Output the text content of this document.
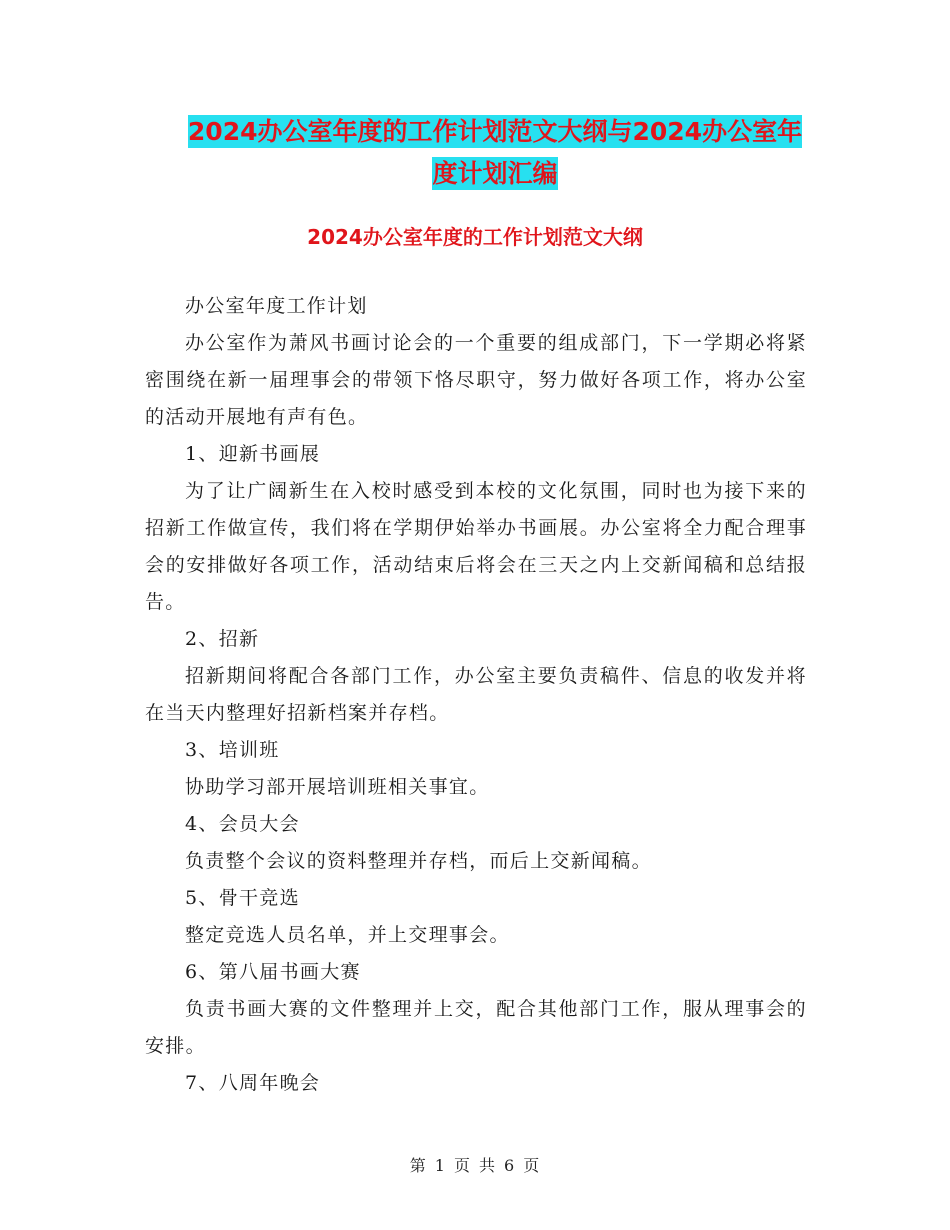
2024办公室年度的工作计划范文大纲与2024办公室年
度计划汇编
2024办公室年度的工作计划范文大纲

办公室年度工作计划

办公室作为萧风书画讨论会的一个重要的组成部门，下一学期必将紧密围绕在新一届理事会的带领下恪尽职守，努力做好各项工作，将办公室的活动开展地有声有色。

1、迎新书画展

为了让广阔新生在入校时感受到本校的文化氛围，同时也为接下来的招新工作做宣传，我们将在学期伊始举办书画展。办公室将全力配合理事会的安排做好各项工作，活动结束后将会在三天之内上交新闻稿和总结报告。

2、招新

招新期间将配合各部门工作，办公室主要负责稿件、信息的收发并将在当天内整理好招新档案并存档。

3、培训班

协助学习部开展培训班相关事宜。

4、会员大会

负责整个会议的资料整理并存档，而后上交新闻稿。

5、骨干竞选

整定竞选人员名单，并上交理事会。

6、第八届书画大赛

负责书画大赛的文件整理并上交，配合其他部门工作，服从理事会的安排。

7、八周年晚会

第 1 页 共 6 页
